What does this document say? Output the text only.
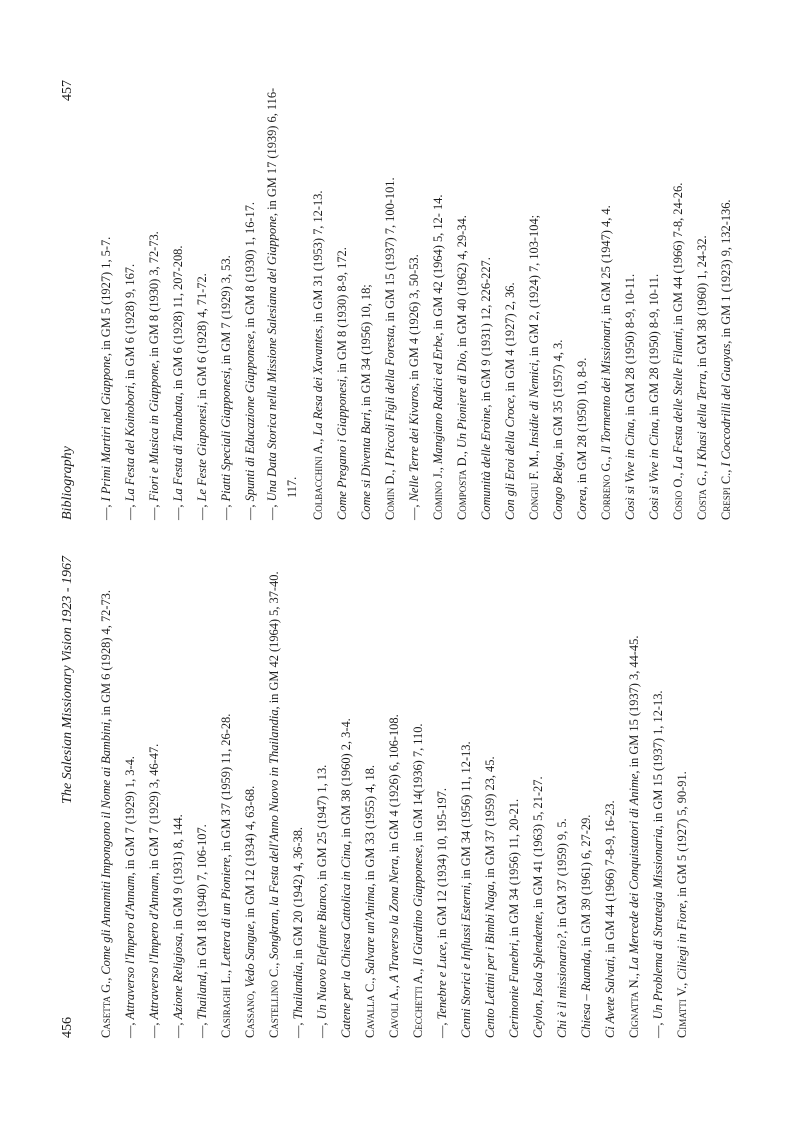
456
The Salesian Missionary Vision 1923 - 1967

Casetta G., Come gli Annamiti Impongono il Nome ai Bambini, in GM 6 (1928) 4, 72-73.

—, Attraverso l'Impero d'Annam, in GM 7 (1929) 1, 3-4.

—, Attraverso l'Impero d'Annam, in GM 7 (1929) 3, 46-47.

—, Azione Religiosa, in GM 9 (1931) 8, 144.

—, Thailand, in GM 18 (1940) 7, 106-107.

Casiraghi L., Lettera di un Pioniere, in GM 37 (1959) 11, 26-28.

Cassano, Vedo Sangue, in GM 12 (1934) 4, 63-68.

Castellino C., Songkran, la Festa dell'Anno Nuovo in Thailandia, in GM 42 (1964) 5, 37-40.

—, Thailandia, in GM 20 (1942) 4, 36-38.

—, Un Nuovo Elefante Bianco, in GM 25 (1947) 1, 13.

Catene per la Chiesa Cattolica in Cina, in GM 38 (1960) 2, 3-4.

Cavalla C., Salvare un'Anima, in GM 33 (1955) 4, 18.

Cavoli A., A Traverso la Zona Nera, in GM 4 (1926) 6, 106-108.

Cecchetti A., Il Giardino Giapponese, in GM 14(1936) 7, 110.

—, Tenebre e Luce, in GM 12 (1934) 10, 195-197.

Cenni Storici e Influssi Esterni, in GM 34 (1956) 11, 12-13.

Cento Lettini per i Bimbi Naga, in GM 37 (1959) 23, 45.

Cerimonie Funebri, in GM 34 (1956) 11, 20-21.

Ceylon, Isola Splendente, in GM 41 (1963) 5, 21-27.

Chi è il missionario?, in GM 37 (1959) 9, 5.

Chiesa – Ruanda, in GM 39 (1961) 6, 27-29.

Ci Avete Salvati, in GM 44 (1966) 7-8-9, 16-23.

Cignatta N., La Mercede dei Conquistatori di Anime, in GM 15 (1937) 3, 44-45.

—, Un Problema di Strategia Missionaria, in GM 15 (1937) 1, 12-13.

Cimatti V., Ciliegi in Fiore, in GM 5 (1927) 5, 90-91.

Bibliography
457

—, I Primi Martiri nel Giappone, in GM 5 (1927) 1, 5-7.

—, La Festa del Koinobori, in GM 6 (1928) 9, 167.

—, Fiori e Musica in Giappone, in GM 8 (1930) 3, 72-73.

—, La Festa di Tanabata, in GM 6 (1928) 11, 207-208.

—, Le Feste Giaponesi, in GM 6 (1928) 4, 71-72.

—, Piatti Speciali Giapponesi, in GM 7 (1929) 3, 53.

—, Spunti di Educazione Giapponese, in GM 8 (1930) 1, 16-17.

—, Una Data Storica nella Missione Salesiana del Giappone, in GM 17 (1939) 6, 116-117. Colbacchini A., La Resa dei Xavantes, in GM 31 (1953) 7, 12-13.

Come Pregano i Giapponesi, in GM 8 (1930) 8-9, 172.

Come si Diventa Bari, in GM 34 (1956) 10, 18;

Comin D., I Piccoli Figli della Foresta, in GM 15 (1937) 7, 100-101.

—, Nelle Terre dei Kivaros, in GM 4 (1926) 3, 50-53.

Comino J., Mangiano Radici ed Erbe, in GM 42 (1964) 5, 12- 14.

Composta D., Un Pioniere di Dio, in GM 40 (1962) 4, 29-34.

Comunità delle Eroine, in GM 9 (1931) 12, 226-227.

Con gli Eroi della Croce, in GM 4 (1927) 2, 36.

Congiu F. M., Insidie di Nemici, in GM 2, (1924) 7, 103-104;

Congo Belga, in GM 35 (1957) 4, 3.

Corea, in GM 28 (1950) 10, 8-9.

Correno G., Il Tormento dei Missionari, in GM 25 (1947) 4, 4.

Così si Vive in Cina, in GM 28 (1950) 8-9, 10-11.

Così si Vive in Cina, in GM 28 (1950) 8-9, 10-11.

Cosio O., La Festa delle Stelle Filanti, in GM 44 (1966) 7-8, 24-26.

Costa G., I Khasi della Terra, in GM 38 (1960) 1, 24-32.

Crespi C., I Coccodrilli del Guayas, in GM 1 (1923) 9, 132-136.
